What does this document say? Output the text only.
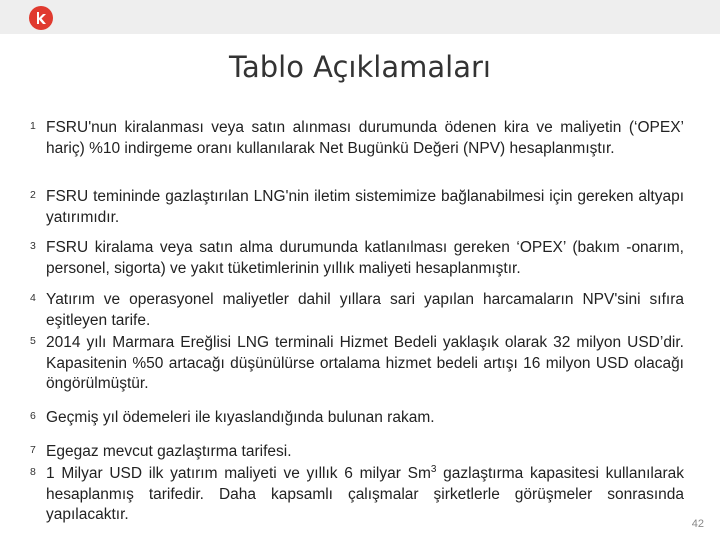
Tablo Açıklamaları
1 FSRU'nun kiralanması veya satın alınması durumunda ödenen kira ve maliyetin (‘OPEX’ hariç) %10 indirgeme oranı kullanılarak Net Bugünkü Değeri (NPV) hesaplanmıştır.
2 FSRU temininde gazlaştırılan LNG'nin iletim sistemimize bağlanabilmesi için gereken altyapı yatırımıdır.
3 FSRU kiralama veya satın alma durumunda katlanılması gereken ‘OPEX’ (bakım -onarım, personel, sigorta) ve yakıt tüketimlerinin yıllık maliyeti hesaplanmıştır.
4 Yatırım ve operasyonel maliyetler dahil yıllara sari yapılan harcamaların NPV'sini sıfıra eşitleyen tarife.
5 2014 yılı Marmara Ereğlisi LNG terminali Hizmet Bedeli yaklaşık olarak 32 milyon USD’dir. Kapasitenin %50 artacağı düşünülürse ortalama hizmet bedeli artışı 16 milyon USD olacağı öngörülmüştür.
6 Geçmiş yıl ödemeleri ile kıyaslandığında bulunan rakam.
7 Egegaz mevcut gazlaştırma tarifesi.
8 1 Milyar USD ilk yatırım maliyeti ve yıllık 6 milyar Sm$^3$ gazlaştırma kapasitesi kullanılarak hesaplanmış tarifedir. Daha kapsamlı çalışmalar şirketlerle görüşmeler sonrasında yapılacaktır.
42
